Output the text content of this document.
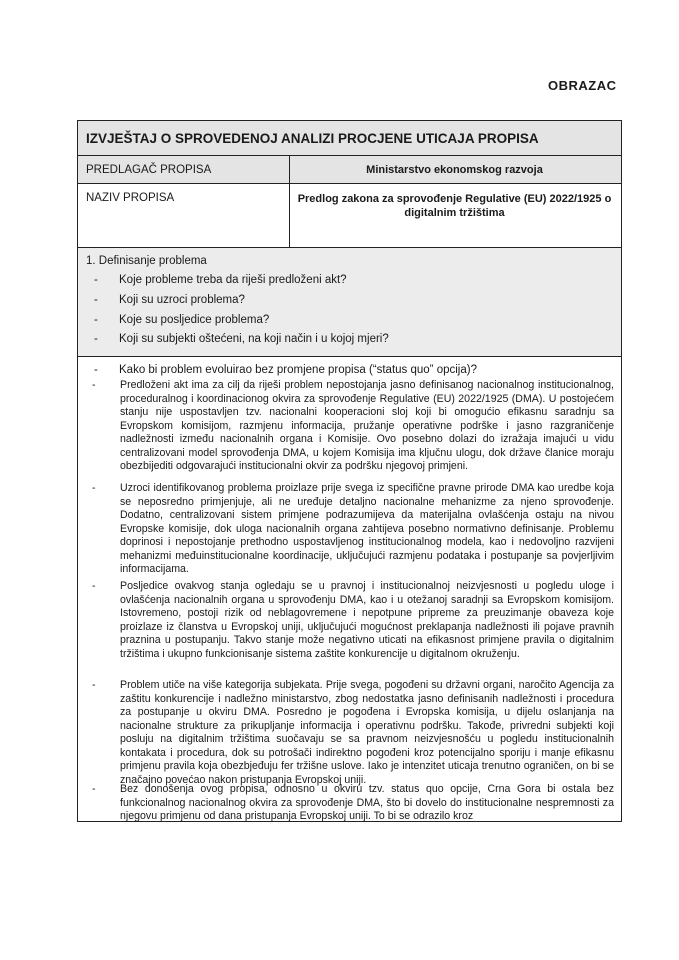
OBRAZAC
IZVJEŠTAJ O SPROVEDENOJ ANALIZI PROCJENE UTICAJA PROPISA
PREDLAGAČ PROPISA	Ministarstvo ekonomskog razvoja
NAZIV PROPISA	Predlog zakona za sprovođenje Regulative (EU) 2022/1925 o digitalnim tržištima
1. Definisanje problema
- Koje probleme treba da riješi predloženi akt?
- Koji su uzroci problema?
- Koje su posljedice problema?
- Koji su subjekti oštećeni, na koji način i u kojoj mjeri?
- Kako bi problem evoluirao bez promjene propisa (“status quo” opcija)?
- Predloženi akt ima za cilj da riješi problem nepostojanja jasno definisanog nacionalnog institucionalnog, proceduralnog i koordinacionog okvira za sprovođenje Regulative (EU) 2022/1925 (DMA). U postojećem stanju nije uspostavljen tzv. nacionalni kooperacioni sloj koji bi omogućio efikasnu saradnju sa Evropskom komisijom, razmjenu informacija, pružanje operativne podrške i jasno razgraničenje nadležnosti između nacionalnih organa i Komisije. Ovo posebno dolazi do izražaja imajući u vidu centralizovani model sprovođenja DMA, u kojem Komisija ima ključnu ulogu, dok države članice moraju obezbijediti odgovarajući institucionalni okvir za podršku njegovoj primjeni.
- Uzroci identifikovanog problema proizlaze prije svega iz specifične pravne prirode DMA kao uredbe koja se neposredno primjenjuje, ali ne uređuje detaljno nacionalne mehanizme za njeno sprovođenje. Dodatno, centralizovani sistem primjene podrazumijeva da materijalna ovlašćenja ostaju na nivou Evropske komisije, dok uloga nacionalnih organa zahtijeva posebno normativno definisanje. Problemu doprinosi i nepostojanje prethodno uspostavljenog institucionalnog modela, kao i nedovoljno razvijeni mehanizmi međuinstitucionalne koordinacije, uključujući razmjenu podataka i postupanje sa povjerljivim informacijama.
- Posljedice ovakvog stanja ogledaju se u pravnoj i institucionalnoj neizvjesnosti u pogledu uloge i ovlašćenja nacionalnih organa u sprovođenju DMA, kao i u otežanoj saradnji sa Evropskom komisijom. Istovremeno, postoji rizik od neblagovremene i nepotpune pripreme za preuzimanje obaveza koje proizlaze iz članstva u Evropskoj uniji, uključujući mogućnost preklapanja nadležnosti ili pojave pravnih praznina u postupanju. Takvo stanje može negativno uticati na efikasnost primjene pravila o digitalnim tržištima i ukupno funkcionisanje sistema zaštite konkurencije u digitalnom okruženju.
- Problem utiče na više kategorija subjekata. Prije svega, pogođeni su državni organi, naročito Agencija za zaštitu konkurencije i nadležno ministarstvo, zbog nedostatka jasno definisanih nadležnosti i procedura za postupanje u okviru DMA. Posredno je pogođena i Evropska komisija, u dijelu oslanjanja na nacionalne strukture za prikupljanje informacija i operativnu podršku. Takođe, privredni subjekti koji posluju na digitalnim tržištima suočavaju se sa pravnom neizvjesnošću u pogledu institucionalnih kontakata i procedura, dok su potrošači indirektno pogođeni kroz potencijalno sporiju i manje efikasnu primjenu pravila koja obezbjeđuju fer tržišne uslove. Iako je intenzitet uticaja trenutno ograničen, on bi se značajno povećao nakon pristupanja Evropskoj uniji.
- Bez donošenja ovog propisa, odnosno u okviru tzv. status quo opcije, Crna Gora bi ostala bez funkcionalnog nacionalnog okvira za sprovođenje DMA, što bi dovelo do institucionalne nespremnosti za njegovu primjenu od dana pristupanja Evropskoj uniji. To bi se odrazilo kroz
